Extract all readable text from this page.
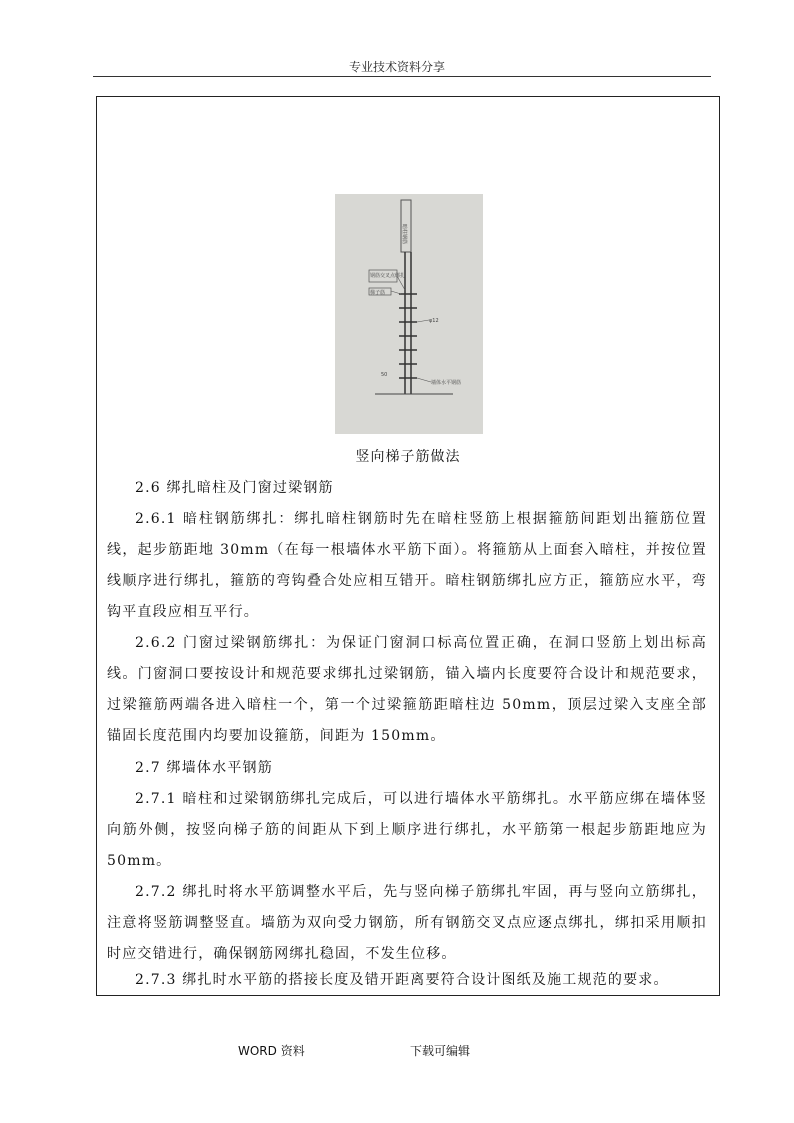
专业技术资料分享
钢筋交叉点绑扎
梯子筋
暗柱钢筋
墙体水平钢筋
φ12
50
竖向梯子筋做法
2.6 绑扎暗柱及门窗过梁钢筋
2.6.1 暗柱钢筋绑扎：绑扎暗柱钢筋时先在暗柱竖筋上根据箍筋间距划出箍筋位置线，起步筋距地 30mm（在每一根墙体水平筋下面）。将箍筋从上面套入暗柱，并按位置线顺序进行绑扎，箍筋的弯钩叠合处应相互错开。暗柱钢筋绑扎应方正，箍筋应水平，弯钩平直段应相互平行。
2.6.2 门窗过梁钢筋绑扎：为保证门窗洞口标高位置正确，在洞口竖筋上划出标高线。门窗洞口要按设计和规范要求绑扎过梁钢筋，锚入墙内长度要符合设计和规范要求，过梁箍筋两端各进入暗柱一个，第一个过梁箍筋距暗柱边 50mm，顶层过梁入支座全部锚固长度范围内均要加设箍筋，间距为 150mm。
2.7 绑墙体水平钢筋
2.7.1 暗柱和过梁钢筋绑扎完成后，可以进行墙体水平筋绑扎。水平筋应绑在墙体竖向筋外侧，按竖向梯子筋的间距从下到上顺序进行绑扎，水平筋第一根起步筋距地应为 50mm。
2.7.2 绑扎时将水平筋调整水平后，先与竖向梯子筋绑扎牢固，再与竖向立筋绑扎，注意将竖筋调整竖直。墙筋为双向受力钢筋，所有钢筋交叉点应逐点绑扎，绑扣采用顺扣时应交错进行，确保钢筋网绑扎稳固，不发生位移。
2.7.3 绑扎时水平筋的搭接长度及错开距离要符合设计图纸及施工规范的要求。
WORD 资料	下载可编辑
